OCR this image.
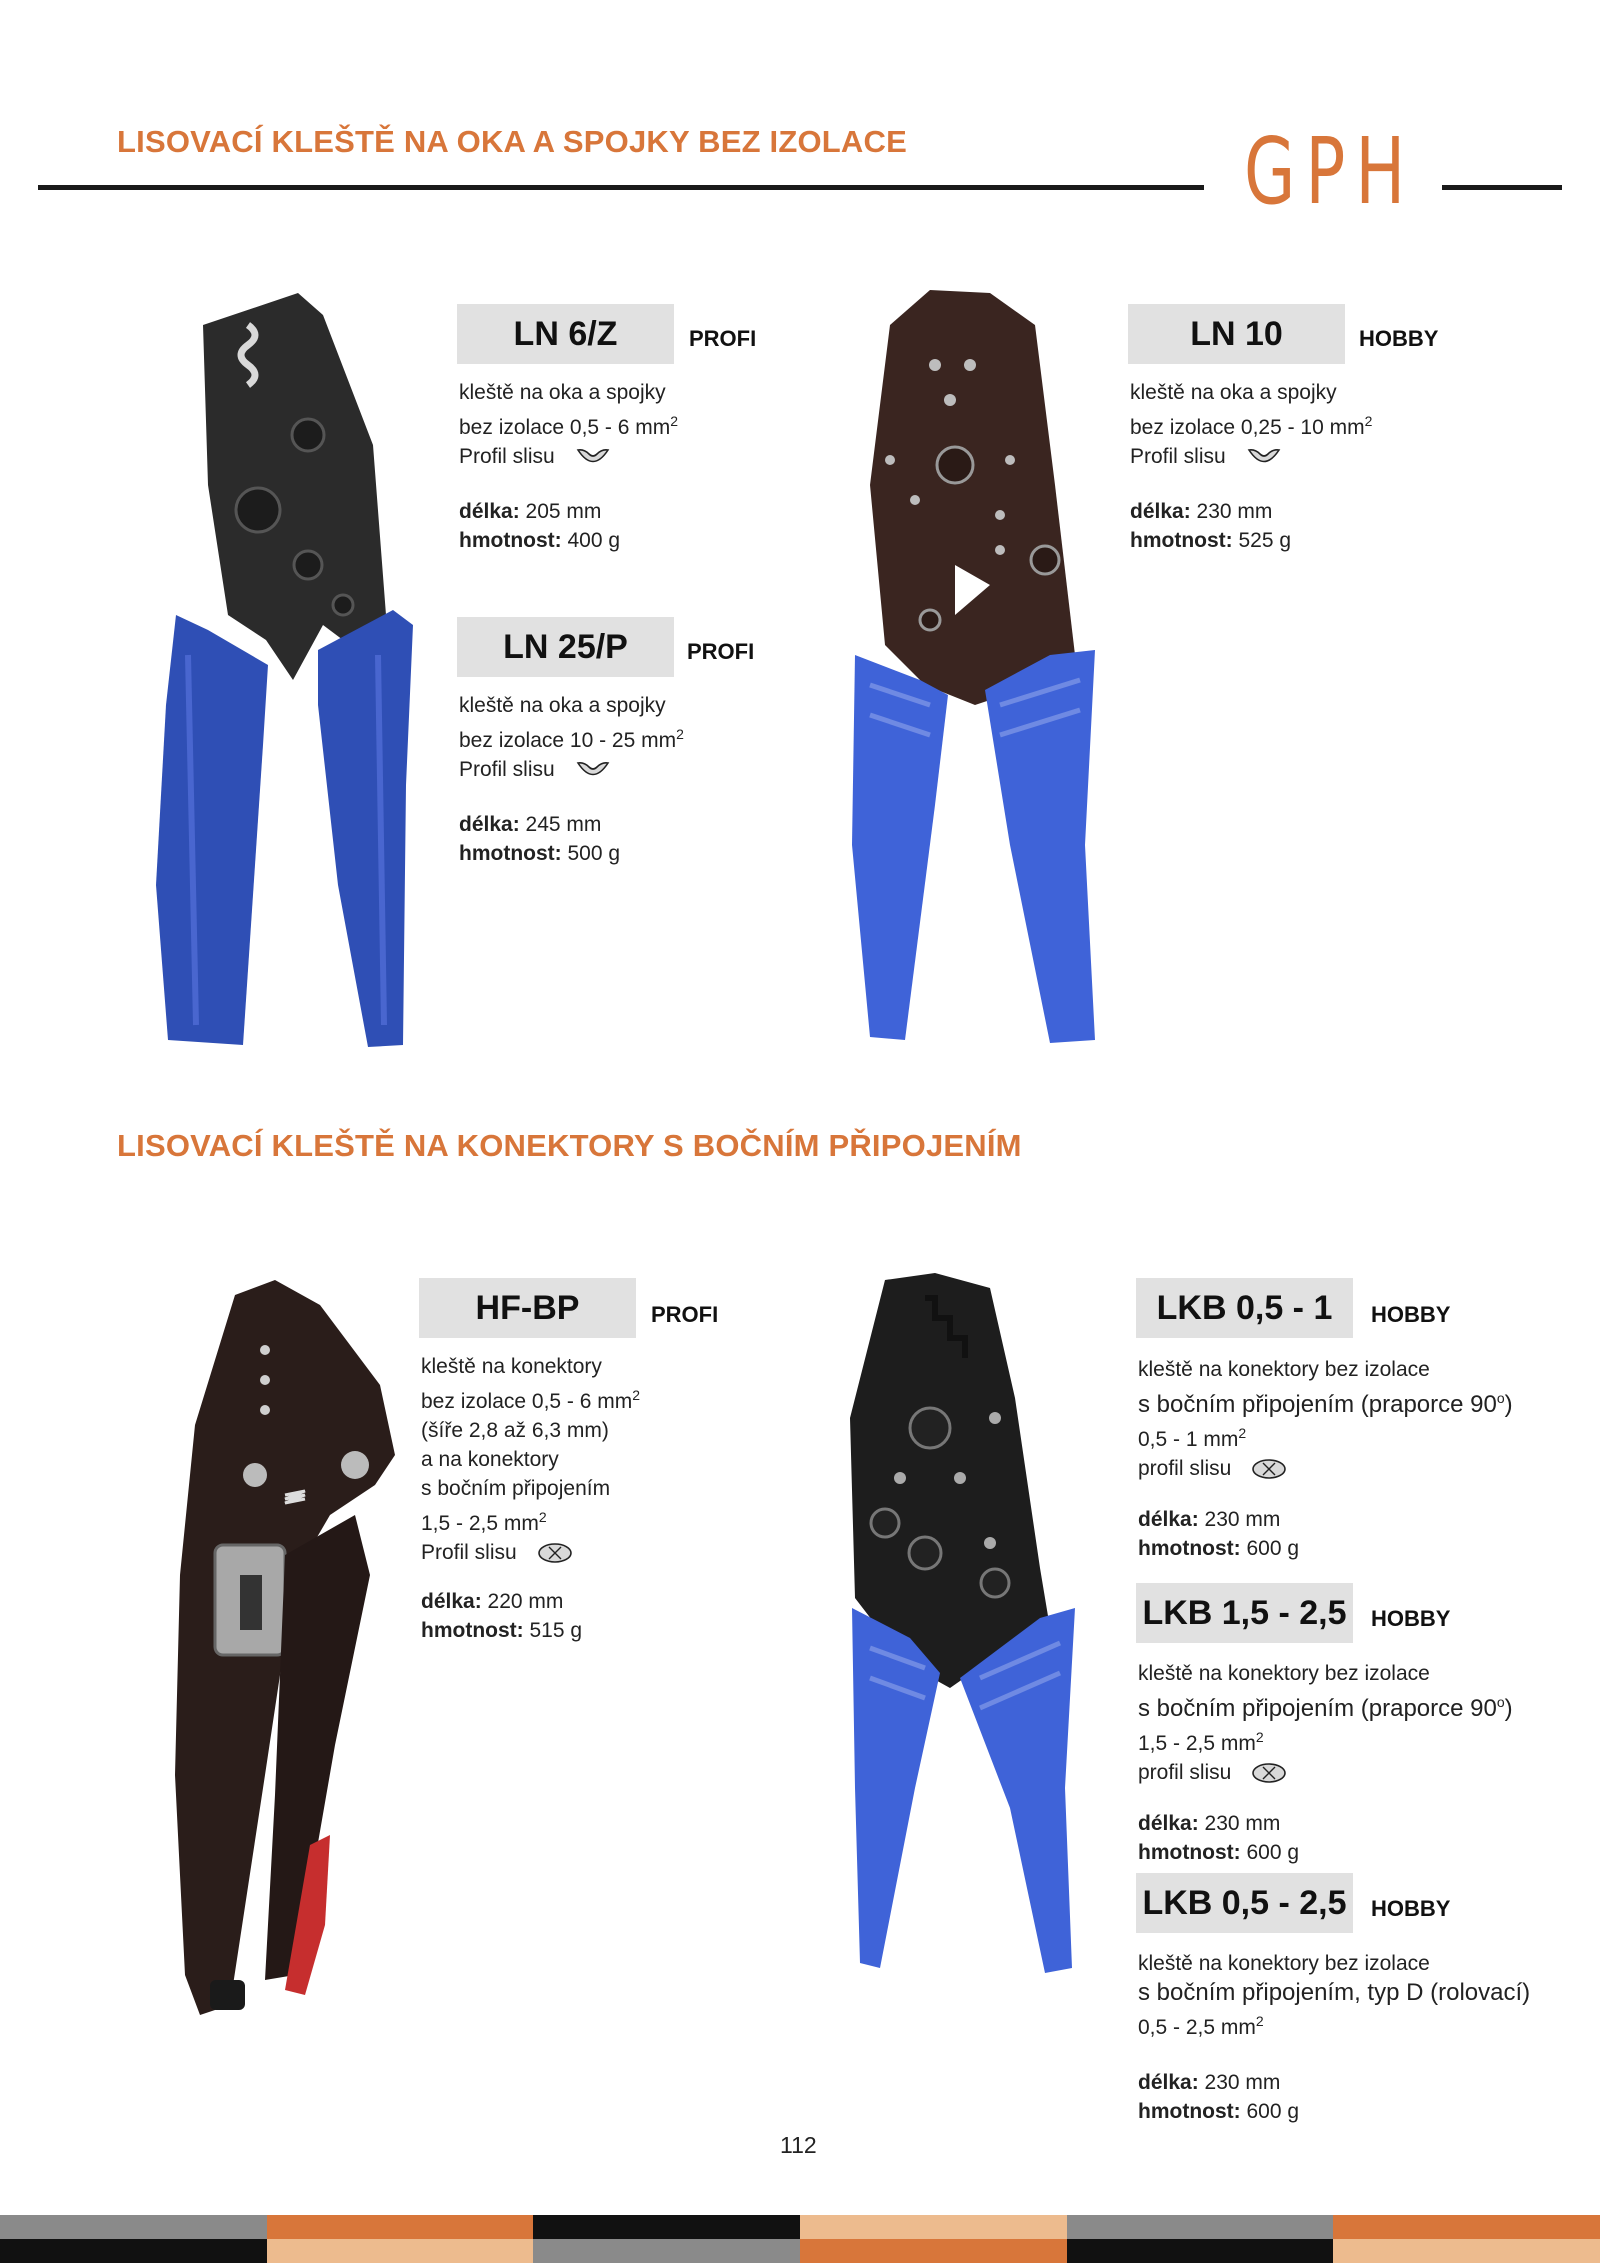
LISOVACÍ KLEŠTĚ NA OKA A SPOJKY BEZ IZOLACE	GPH
LN 6/Z	PROFI
kleště na oka a spojky
bez izolace 0,5 - 6 $mm^2$
Profil slisu
délka: 205 mm
hmotnost: 400 g
LN 25/P	PROFI
kleště na oka a spojky
bez izolace 10 - 25 $mm^2$
Profil slisu
délka: 245 mm
hmotnost: 500 g
LN 10	HOBBY
kleště na oka a spojky
bez izolace 0,25 - 10 $mm^2$
Profil slisu
délka: 230 mm
hmotnost: 525 g
LISOVACÍ KLEŠTĚ NA KONEKTORY S BOČNÍM PŘIPOJENÍM
HF-BP	PROFI
kleště na konektory
bez izolace 0,5 - 6 $mm^2$
(šíře 2,8 až 6,3 mm)
a na konektory
s bočním připojením
1,5 - 2,5 $mm^2$
Profil slisu
délka: 220 mm
hmotnost: 515 g
LKB 0,5 - 1	HOBBY
kleště na konektory bez izolace
s bočním připojením (praporce 90$^o$)
0,5 - 1 $mm^2$
profil slisu
délka: 230 mm
hmotnost: 600 g
LKB 1,5 - 2,5 HOBBY
kleště na konektory bez izolace
s bočním připojením (praporce 90$^o$)
1,5 - 2,5 $mm^2$
profil slisu
délka: 230 mm
hmotnost: 600 g
LKB 0,5 - 2,5 HOBBY
kleště na konektory bez izolace
s bočním připojením, typ D (rolovací)
0,5 - 2,5 $mm^2$
délka: 230 mm
hmotnost: 600 g
112
